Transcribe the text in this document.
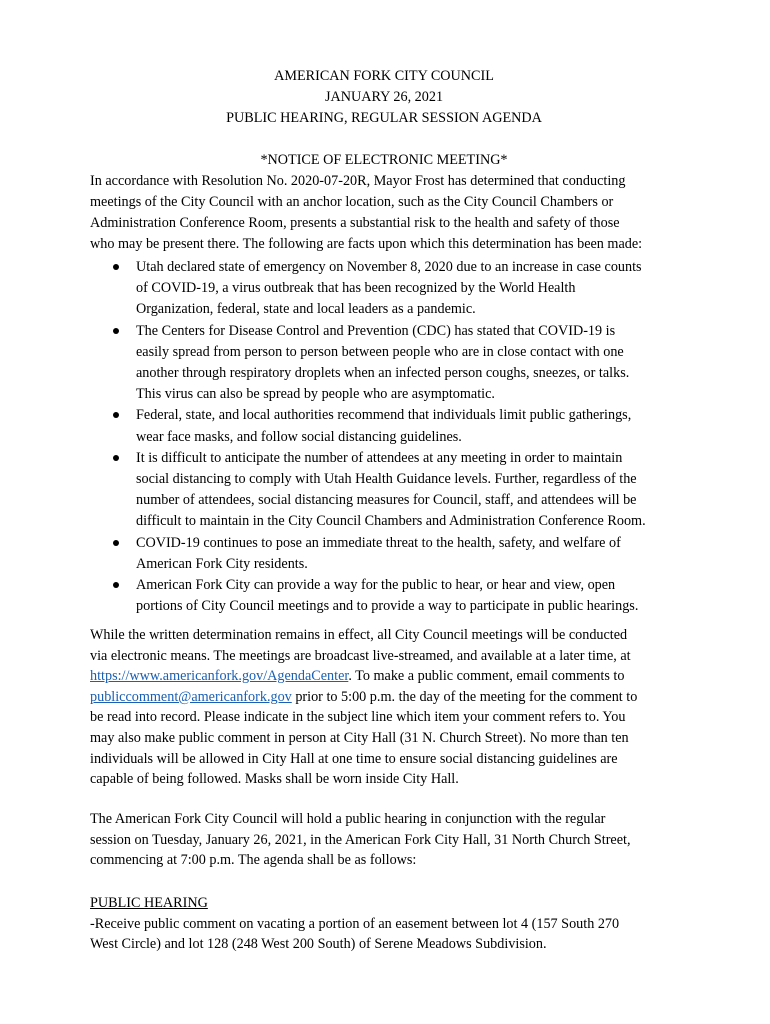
AMERICAN FORK CITY COUNCIL
JANUARY 26, 2021
PUBLIC HEARING, REGULAR SESSION AGENDA
*NOTICE OF ELECTRONIC MEETING*
In accordance with Resolution No. 2020-07-20R, Mayor Frost has determined that conducting
meetings of the City Council with an anchor location, such as the City Council Chambers or
Administration Conference Room, presents a substantial risk to the health and safety of those
who may be present there. The following are facts upon which this determination has been made:
Utah declared state of emergency on November 8, 2020 due to an increase in case counts
of COVID-19, a virus outbreak that has been recognized by the World Health
Organization, federal, state and local leaders as a pandemic.
The Centers for Disease Control and Prevention (CDC) has stated that COVID-19 is
easily spread from person to person between people who are in close contact with one
another through respiratory droplets when an infected person coughs, sneezes, or talks.
This virus can also be spread by people who are asymptomatic.
Federal, state, and local authorities recommend that individuals limit public gatherings,
wear face masks, and follow social distancing guidelines.
It is difficult to anticipate the number of attendees at any meeting in order to maintain
social distancing to comply with Utah Health Guidance levels. Further, regardless of the
number of attendees, social distancing measures for Council, staff, and attendees will be
difficult to maintain in the City Council Chambers and Administration Conference Room.
COVID-19 continues to pose an immediate threat to the health, safety, and welfare of
American Fork City residents.
American Fork City can provide a way for the public to hear, or hear and view, open
portions of City Council meetings and to provide a way to participate in public hearings.
While the written determination remains in effect, all City Council meetings will be conducted
via electronic means. The meetings are broadcast live-streamed, and available at a later time, at
https://www.americanfork.gov/AgendaCenter. To make a public comment, email comments to
publiccomment@americanfork.gov prior to 5:00 p.m. the day of the meeting for the comment to
be read into record. Please indicate in the subject line which item your comment refers to. You
may also make public comment in person at City Hall (31 N. Church Street). No more than ten
individuals will be allowed in City Hall at one time to ensure social distancing guidelines are
capable of being followed. Masks shall be worn inside City Hall.
The American Fork City Council will hold a public hearing in conjunction with the regular
session on Tuesday, January 26, 2021, in the American Fork City Hall, 31 North Church Street,
commencing at 7:00 p.m. The agenda shall be as follows:
PUBLIC HEARING
-Receive public comment on vacating a portion of an easement between lot 4 (157 South 270
West Circle) and lot 128 (248 West 200 South) of Serene Meadows Subdivision.
